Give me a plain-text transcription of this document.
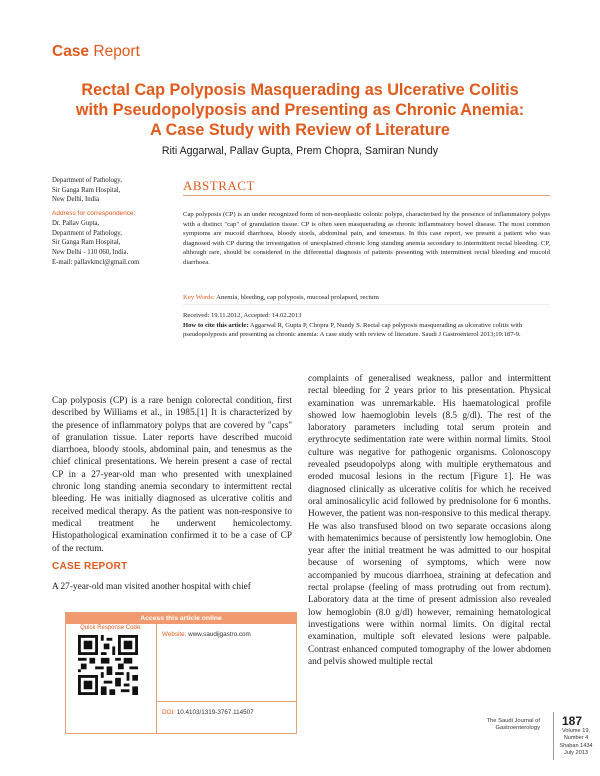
Case Report
Rectal Cap Polyposis Masquerading as Ulcerative Colitis
with Pseudopolyposis and Presenting as Chronic Anemia:
A Case Study with Review of Literature
Riti Aggarwal, Pallav Gupta, Prem Chopra, Samiran Nundy
Department of Pathology,
Sir Ganga Ram Hospital,
New Delhi, India
Address for correspondence:
Dr. Pallav Gupta,
Department of Pathology,
Sir Ganga Ram Hospital,
New Delhi - 110 060, India.
E-mail: pallavkmcl@gmail.com
ABSTRACT
Cap polyposis (CP) is an under recognized form of non-neoplastic colonic polyps, characterised by the presence of inflammatory polyps with a distinct "cap" of granulation tissue. CP is often seen masquerading as chronic inflammatory bowel disease. The most common symptoms are mucoid diarrhoea, bloody stools, abdominal pain, and tenesmus. In this case report, we present a patient who was diagnosed with CP during the investigation of unexplained chronic long standing anemia secondary to intermittent rectal bleeding. CP, although rare, should be considered in the differential diagnosis of patients presenting with intermittent rectal bleeding and mucoid diarrhoea.
Key Words: Anemia, bleeding, cap polyposis, mucosal prolapsed, rectum
Received: 19.11.2012, Accepted: 14.02.2013
How to cite this article: Aggarwal R, Gupta P, Chopra P, Nundy S. Rectal cap polyposis masquerading as ulcerative colitis with pseudopolyposis and presenting as chronic anemia: A case study with review of literature. Saudi J Gastroenterol 2013;19:187-9.
Cap polyposis (CP) is a rare benign colorectal condition, first described by Williams et al., in 1985.[1] It is characterized by the presence of inflammatory polyps that are covered by "caps" of granulation tissue. Later reports have described mucoid diarrhoea, bloody stools, abdominal pain, and tenesmus as the chief clinical presentations. We herein present a case of rectal CP in a 27-year-old man who presented with unexplained chronic long standing anemia secondary to intermittent rectal bleeding. He was initially diagnosed as ulcerative colitis and received medical therapy. As the patient was non-responsive to medical treatment he underwent hemicolectomy. Histopathological examination confirmed it to be a case of CP of the rectum.
CASE REPORT
A 27-year-old man visited another hospital with chief
complaints of generalised weakness, pallor and intermittent rectal bleeding for 2 years prior to his presentation. Physical examination was unremarkable. His haematological profile showed low haemoglobin levels (8.5 g/dl). The rest of the laboratory parameters including total serum protein and erythrocyte sedimentation rate were within normal limits. Stool culture was negative for pathogenic organisms. Colonoscopy revealed pseudopolyps along with multiple erythematous and eroded mucosal lesions in the rectum [Figure 1]. He was diagnosed clinically as ulcerative colitis for which he received oral aminosalicylic acid followed by prednisolone for 6 months. However, the patient was non-responsive to this medical therapy. He was also transfused blood on two separate occasions along with hematenimics because of persistently low hemoglobin. One year after the initial treatment he was admitted to our hospital because of worsening of symptoms, which were now accompanied by mucous diarrhoea, straining at defecation and rectal prolapse (feeling of mass protruding out from rectum). Laboratory data at the time of present admission also revealed low hemoglobin (8.0 g/dl) however, remaining hematological investigations were within normal limits. On digital rectal examination, multiple soft elevated lesions were palpable. Contrast enhanced computed tomography of the lower abdomen and pelvis showed multiple rectal
Access this article online
Quick Response Code:
Website: www.saudijgastro.com
DOI: 10.4103/1319-3767.114507
The Saudi Journal of
Gastroenterology 187
Volume 19, Number 4
Shaban 1434
July 2013
